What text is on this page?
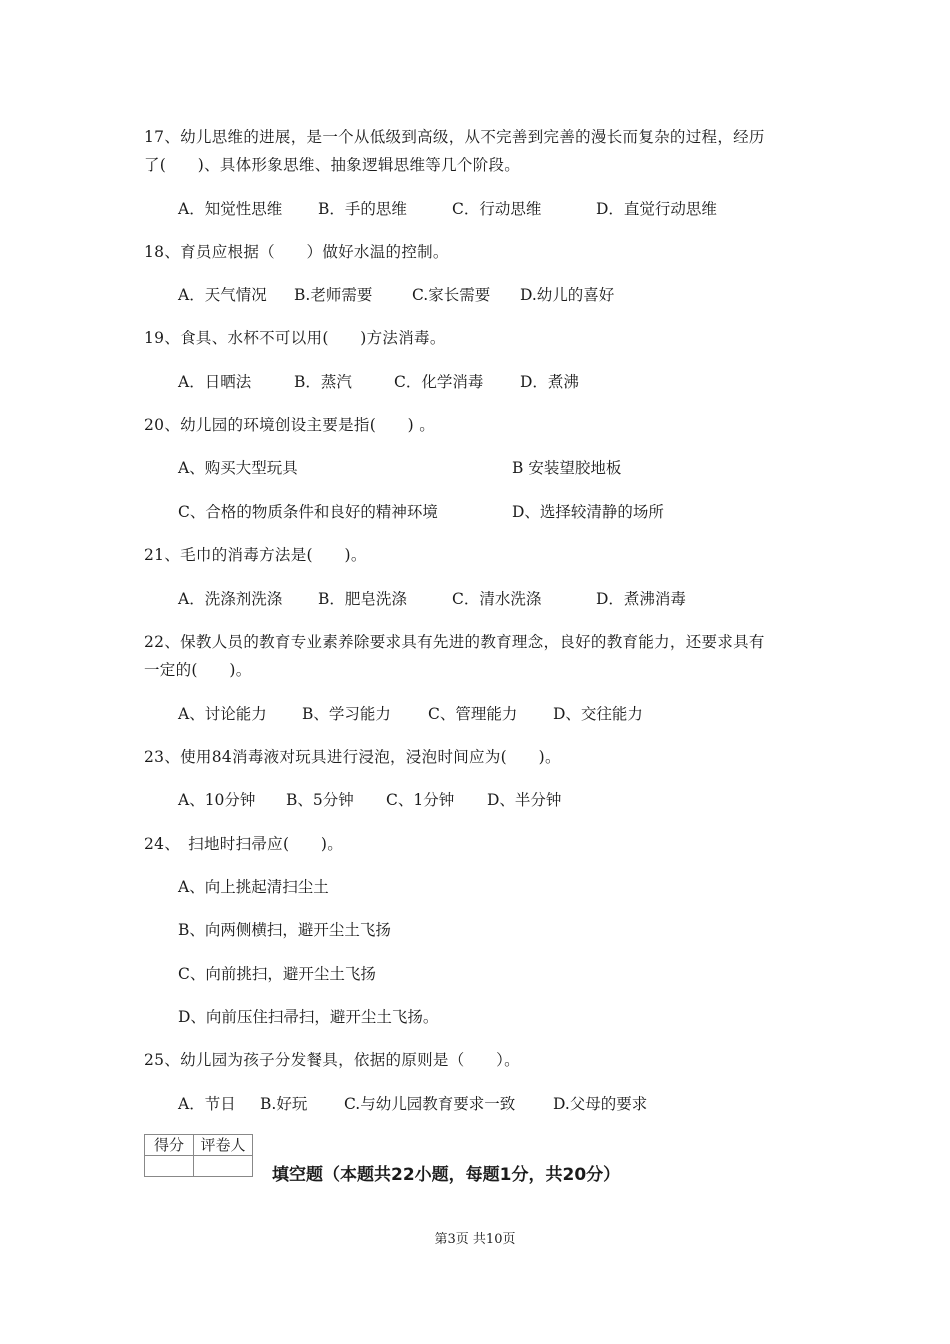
17、幼儿思维的进展，是一个从低级到高级，从不完善到完善的漫长而复杂的过程，经历
了(　　)、具体形象思维、抽象逻辑思维等几个阶段。
A．知觉性思维 B．手的思维	C．行动思维	D．直觉行动思维
18、育员应根据（　　）做好水温的控制。
A．天气情况 B.老师需要	C.家长需要 D.幼儿的喜好
19、食具、水杯不可以用(　　)方法消毒。
A．日晒法	B．蒸汽	C．化学消毒 D．煮沸
20、幼儿园的环境创设主要是指(　　) 。
A、购买大型玩具	B 安装望胶地板
C、合格的物质条件和良好的精神环境	D、选择较清静的场所
21、毛巾的消毒方法是(　　)。
A．洗涤剂洗涤 B．肥皂洗涤	C．清水洗涤	D．煮沸消毒
22、保教人员的教育专业素养除要求具有先进的教育理念，良好的教育能力，还要求具有
一定的(　　)。
A、讨论能力 B、学习能力 C、管理能力 D、交往能力
23、使用84消毒液对玩具进行浸泡，浸泡时间应为(　　)。
A、10分钟 B、5分钟 C、1分钟 D、半分钟
24、　扫地时扫帚应(　　)。
A、向上挑起清扫尘土
B、向两侧横扫，避开尘土飞扬
C、向前挑扫，避开尘土飞扬
D、向前压住扫帚扫，避开尘土飞扬。
25、幼儿园为孩子分发餐具，依据的原则是（　　）。
A．节日 B.好玩 C.与幼儿园教育要求一致 D.父母的要求
得分	评卷人

填空题（本题共22小题，每题1分，共20分）
第3页 共10页
